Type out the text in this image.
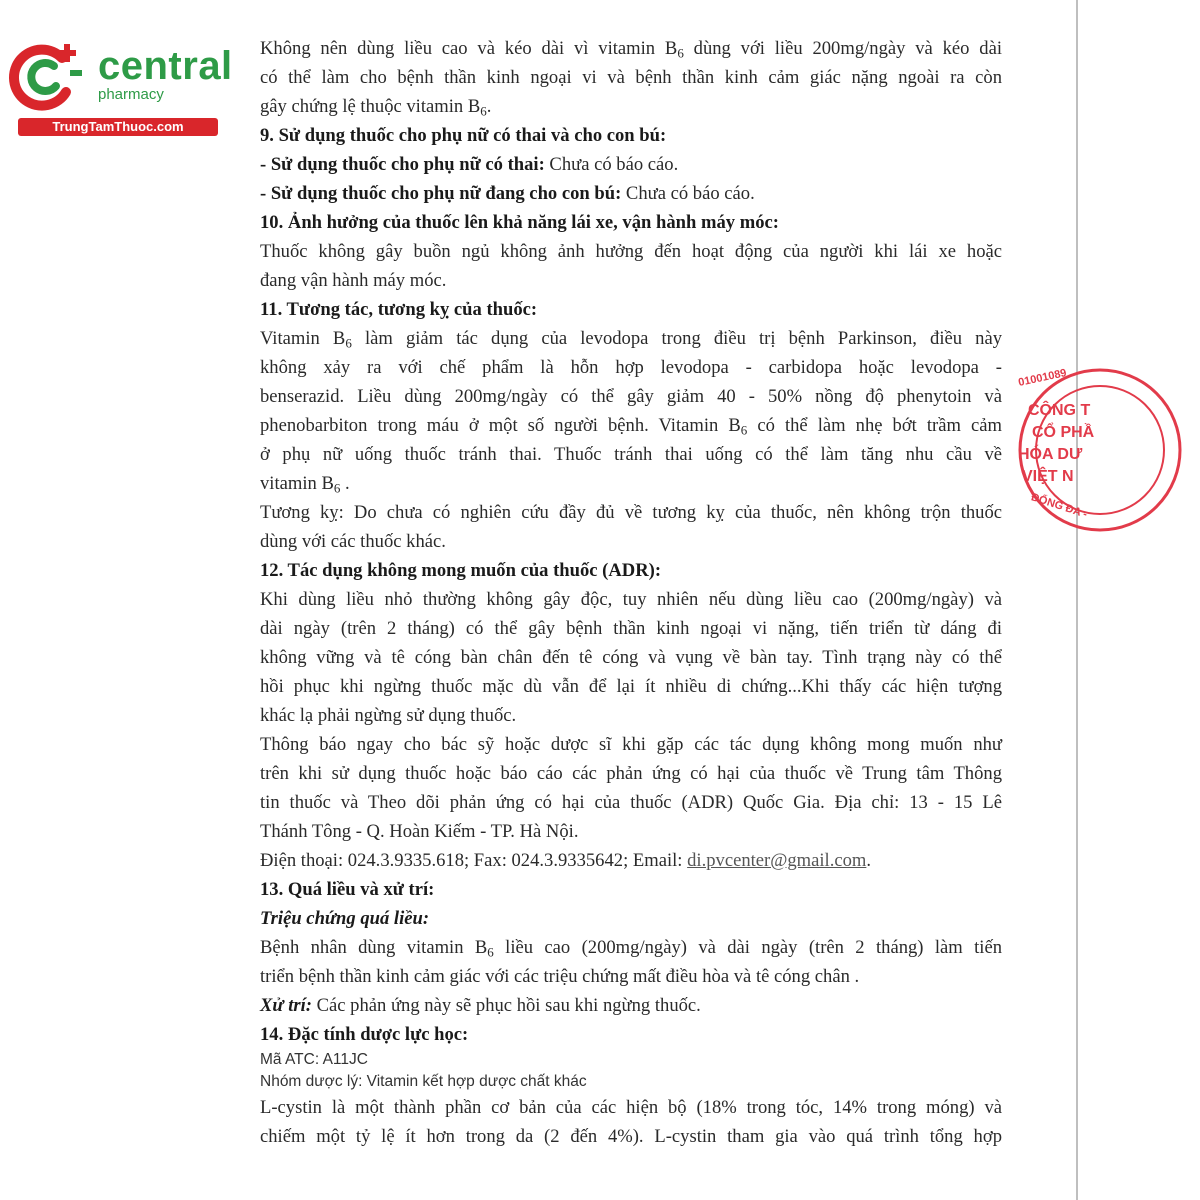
central
pharmacy
TrungTamThuoc.com

Không nên dùng liều cao và kéo dài vì vitamin $B_6$ dùng với liều 200mg/ngày và kéo dài

có thể làm cho bệnh thần kinh ngoại vi và bệnh thần kinh cảm giác nặng ngoài ra còn

gây chứng lệ thuộc vitamin $B_6$.

9. Sử dụng thuốc cho phụ nữ có thai và cho con bú:

- Sử dụng thuốc cho phụ nữ có thai: Chưa có báo cáo.

- Sử dụng thuốc cho phụ nữ đang cho con bú: Chưa có báo cáo.

10. Ảnh hưởng của thuốc lên khả năng lái xe, vận hành máy móc:

Thuốc không gây buồn ngủ không ảnh hưởng đến hoạt động của người khi lái xe hoặc

đang vận hành máy móc.

11. Tương tác, tương kỵ của thuốc:

Vitamin $B_6$ làm giảm tác dụng của levodopa trong điều trị bệnh Parkinson, điều này

không xảy ra với chế phẩm là hỗn hợp levodopa - carbidopa hoặc levodopa -

benserazid. Liều dùng 200mg/ngày có thể gây giảm 40 - 50% nồng độ phenytoin và

phenobarbiton trong máu ở một số người bệnh. Vitamin $B_6$ có thể làm nhẹ bớt trầm cảm

ở phụ nữ uống thuốc tránh thai. Thuốc tránh thai uống có thể làm tăng nhu cầu về

vitamin $B_6$ .

Tương kỵ: Do chưa có nghiên cứu đầy đủ về tương kỵ của thuốc, nên không trộn thuốc

dùng với các thuốc khác.

12. Tác dụng không mong muốn của thuốc (ADR):

Khi dùng liều nhỏ thường không gây độc, tuy nhiên nếu dùng liều cao (200mg/ngày) và

dài ngày (trên 2 tháng) có thể gây bệnh thần kinh ngoại vi nặng, tiến triển từ dáng đi

không vững và tê cóng bàn chân đến tê cóng và vụng về bàn tay. Tình trạng này có thể

hồi phục khi ngừng thuốc mặc dù vẫn để lại ít nhiều di chứng...Khi thấy các hiện tượng

khác lạ phải ngừng sử dụng thuốc.

Thông báo ngay cho bác sỹ hoặc dược sĩ khi gặp các tác dụng không mong muốn như

trên khi sử dụng thuốc hoặc báo cáo các phản ứng có hại của thuốc về Trung tâm Thông

tin thuốc và Theo dõi phản ứng có hại của thuốc (ADR) Quốc Gia. Địa chỉ: 13 - 15 Lê

Thánh Tông - Q. Hoàn Kiếm - TP. Hà Nội.

Điện thoại: 024.3.9335.618; Fax: 024.3.9335642; Email: di.pvcenter@gmail.com.

13. Quá liều và xử trí:

Triệu chứng quá liều:

Bệnh nhân dùng vitamin $B_6$ liều cao (200mg/ngày) và dài ngày (trên 2 tháng) làm tiến

triển bệnh thần kinh cảm giác với các triệu chứng mất điều hòa và tê cóng chân .

Xử trí: Các phản ứng này sẽ phục hồi sau khi ngừng thuốc.

14. Đặc tính dược lực học:

Mã ATC: A11JC

Nhóm dược lý: Vitamin kết hợp dược chất khác

L-cystin là một thành phần cơ bản của các hiện bộ (18% trong tóc, 14% trong móng) và

chiếm một tỷ lệ ít hơn trong da (2 đến 4%). L-cystin tham gia vào quá trình tổng hợp

01001089
CÔNG T
CỔ PHẦ
HÓA DƯ
VIỆT N
ĐỐNG ĐA -
